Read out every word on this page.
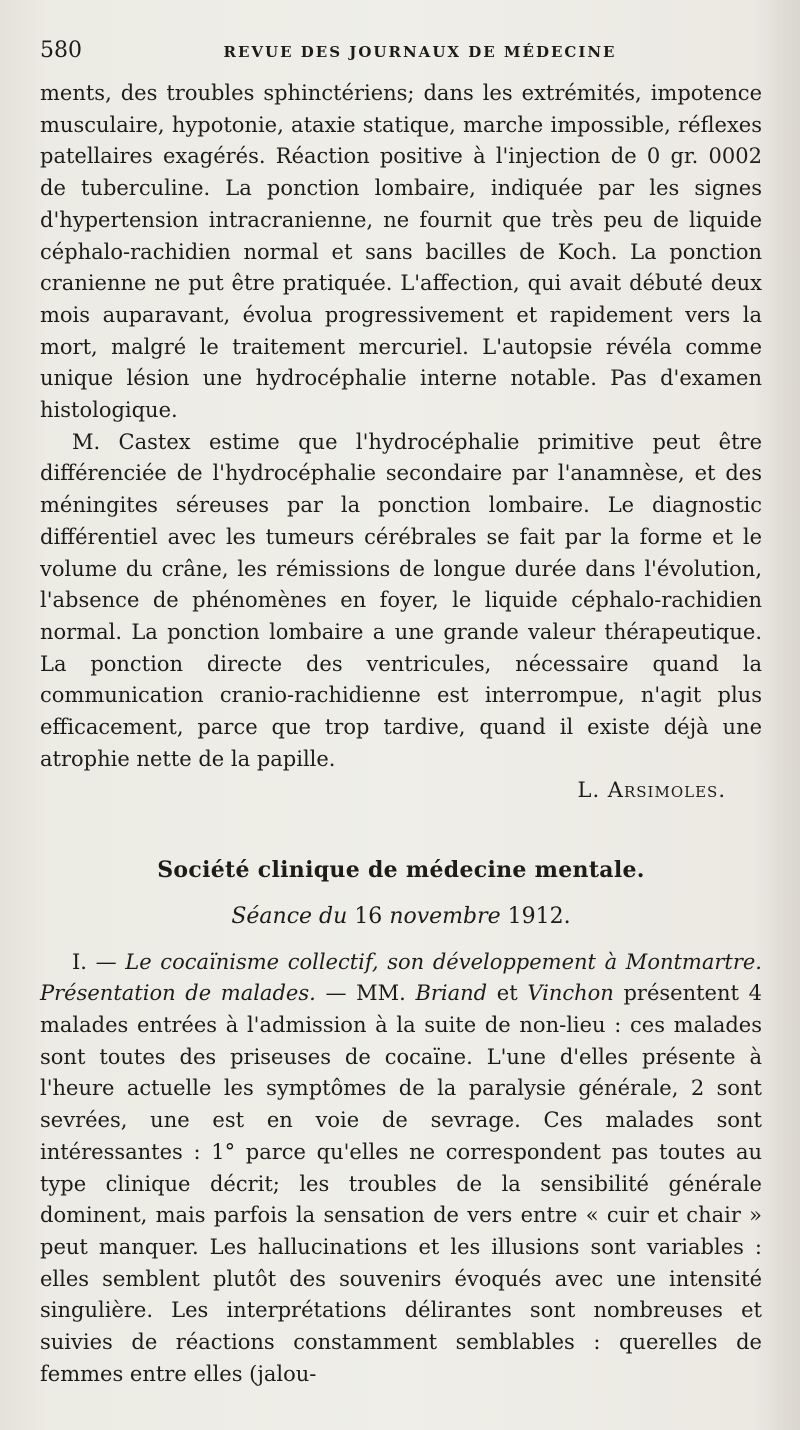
580	REVUE DES JOURNAUX DE MÉDECINE

ments, des troubles sphinctériens; dans les extrémités, impotence musculaire, hypotonie, ataxie statique, marche impossible, réflexes patellaires exagérés. Réaction positive à l'injection de 0 gr. 0002 de tuberculine. La ponction lombaire, indiquée par les signes d'hypertension intracranienne, ne fournit que très peu de liquide céphalo-rachidien normal et sans bacilles de Koch. La ponction cranienne ne put être pratiquée. L'affection, qui avait débuté deux mois auparavant, évolua progressivement et rapidement vers la mort, malgré le traitement mercuriel. L'autopsie révéla comme unique lésion une hydrocéphalie interne notable. Pas d'examen histologique.

M. Castex estime que l'hydrocéphalie primitive peut être différenciée de l'hydrocéphalie secondaire par l'anamnèse, et des méningites séreuses par la ponction lombaire. Le diagnostic différentiel avec les tumeurs cérébrales se fait par la forme et le volume du crâne, les rémissions de longue durée dans l'évolution, l'absence de phénomènes en foyer, le liquide céphalo-rachidien normal. La ponction lombaire a une grande valeur thérapeutique. La ponction directe des ventricules, nécessaire quand la communication cranio-rachidienne est interrompue, n'agit plus efficacement, parce que trop tardive, quand il existe déjà une atrophie nette de la papille.

L. Arsimoles.

Société clinique de médecine mentale.

Séance du 16 novembre 1912.

I. — Le cocaïnisme collectif, son développement à Montmartre. Présentation de malades. — MM. Briand et Vinchon présentent 4 malades entrées à l'admission à la suite de non-lieu : ces malades sont toutes des priseuses de cocaïne. L'une d'elles présente à l'heure actuelle les symptômes de la paralysie générale, 2 sont sevrées, une est en voie de sevrage. Ces malades sont intéressantes : 1° parce qu'elles ne correspondent pas toutes au type clinique décrit; les troubles de la sensibilité générale dominent, mais parfois la sensation de vers entre « cuir et chair » peut manquer. Les hallucinations et les illusions sont variables : elles semblent plutôt des souvenirs évoqués avec une intensité singulière. Les interprétations délirantes sont nombreuses et suivies de réactions constamment semblables : querelles de femmes entre elles (jalou-
